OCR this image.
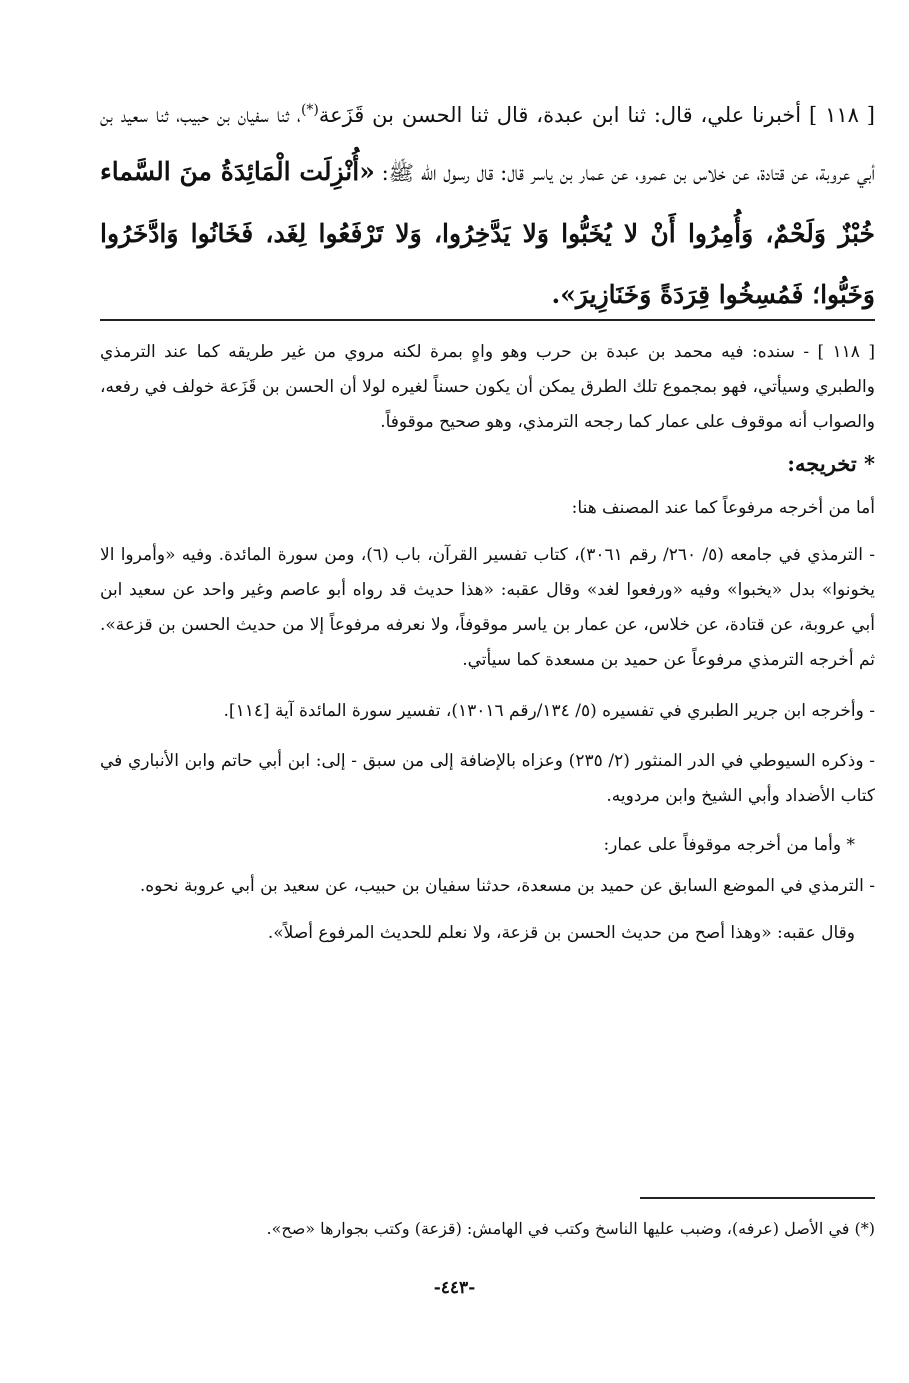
[ ١١٨ ] أخبرنا علي، قال: ثنا ابن عبدة، قال ثنا الحسن بن قَزَعة(*)، ثنا سفيان بن حبيب، ثنا سعيد بن أبي عروبة، عن قتادة، عن خلاس بن عمرو، عن عمار بن ياسر قال: قال رسول الله ﷺ: «أُنْزِلَت الْمَائِدَةُ منَ السَّماء خُبْزٌ وَلَحْمٌ، وَأُمِرُوا أَنْ لا يُخَبُّوا وَلا يَدَّخِرُوا، وَلا تَرْفَعُوا لِغَد، فَخَانُوا وَادَّخَرُوا وَخَبُّوا؛ فَمُسِخُوا قِرَدَةً وَخَنَازِيرَ».

[ ١١٨ ] - سنده: فيه محمد بن عبدة بن حرب وهو واهٍ بمرة لكنه مروي من غير طريقه كما عند الترمذي والطبري وسيأتي، فهو بمجموع تلك الطرق يمكن أن يكون حسناً لغيره لولا أن الحسن بن قَزَعة خولف في رفعه، والصواب أنه موقوف على عمار كما رجحه الترمذي، وهو صحيح موقوفاً.

* تخريجه:

أما من أخرجه مرفوعاً كما عند المصنف هنا:

- الترمذي في جامعه (٥/ ٢٦٠/ رقم ٣٠٦١)، كتاب تفسير القرآن، باب (٦)، ومن سورة المائدة. وفيه «وأمروا الا يخونوا» بدل «يخبوا» وفيه «ورفعوا لغد» وقال عقبه: «هذا حديث قد رواه أبو عاصم وغير واحد عن سعيد ابن أبي عروبة، عن قتادة، عن خلاس، عن عمار بن ياسر موقوفاً، ولا نعرفه مرفوعاً إلا من حديث الحسن بن قزعة». ثم أخرجه الترمذي مرفوعاً عن حميد بن مسعدة كما سيأتي.

- وأخرجه ابن جرير الطبري في تفسيره (٥/ ١٣٤/رقم ١٣٠١٦)، تفسير سورة المائدة آية [١١٤].

- وذكره السيوطي في الدر المنثور (٢/ ٢٣٥) وعزاه بالإضافة إلى من سبق - إلى: ابن أبي حاتم وابن الأنباري في كتاب الأضداد وأبي الشيخ وابن مردويه.

* وأما من أخرجه موقوفاً على عمار:

- الترمذي في الموضع السابق عن حميد بن مسعدة، حدثنا سفيان بن حبيب، عن سعيد بن أبي عروبة نحوه.

وقال عقبه: «وهذا أصح من حديث الحسن بن قزعة، ولا نعلم للحديث المرفوع أصلاً».

(*) في الأصل (عرفه)، وضبب عليها الناسخ وكتب في الهامش: (قزعة) وكتب بجوارها «صح».
-٤٤٣-
